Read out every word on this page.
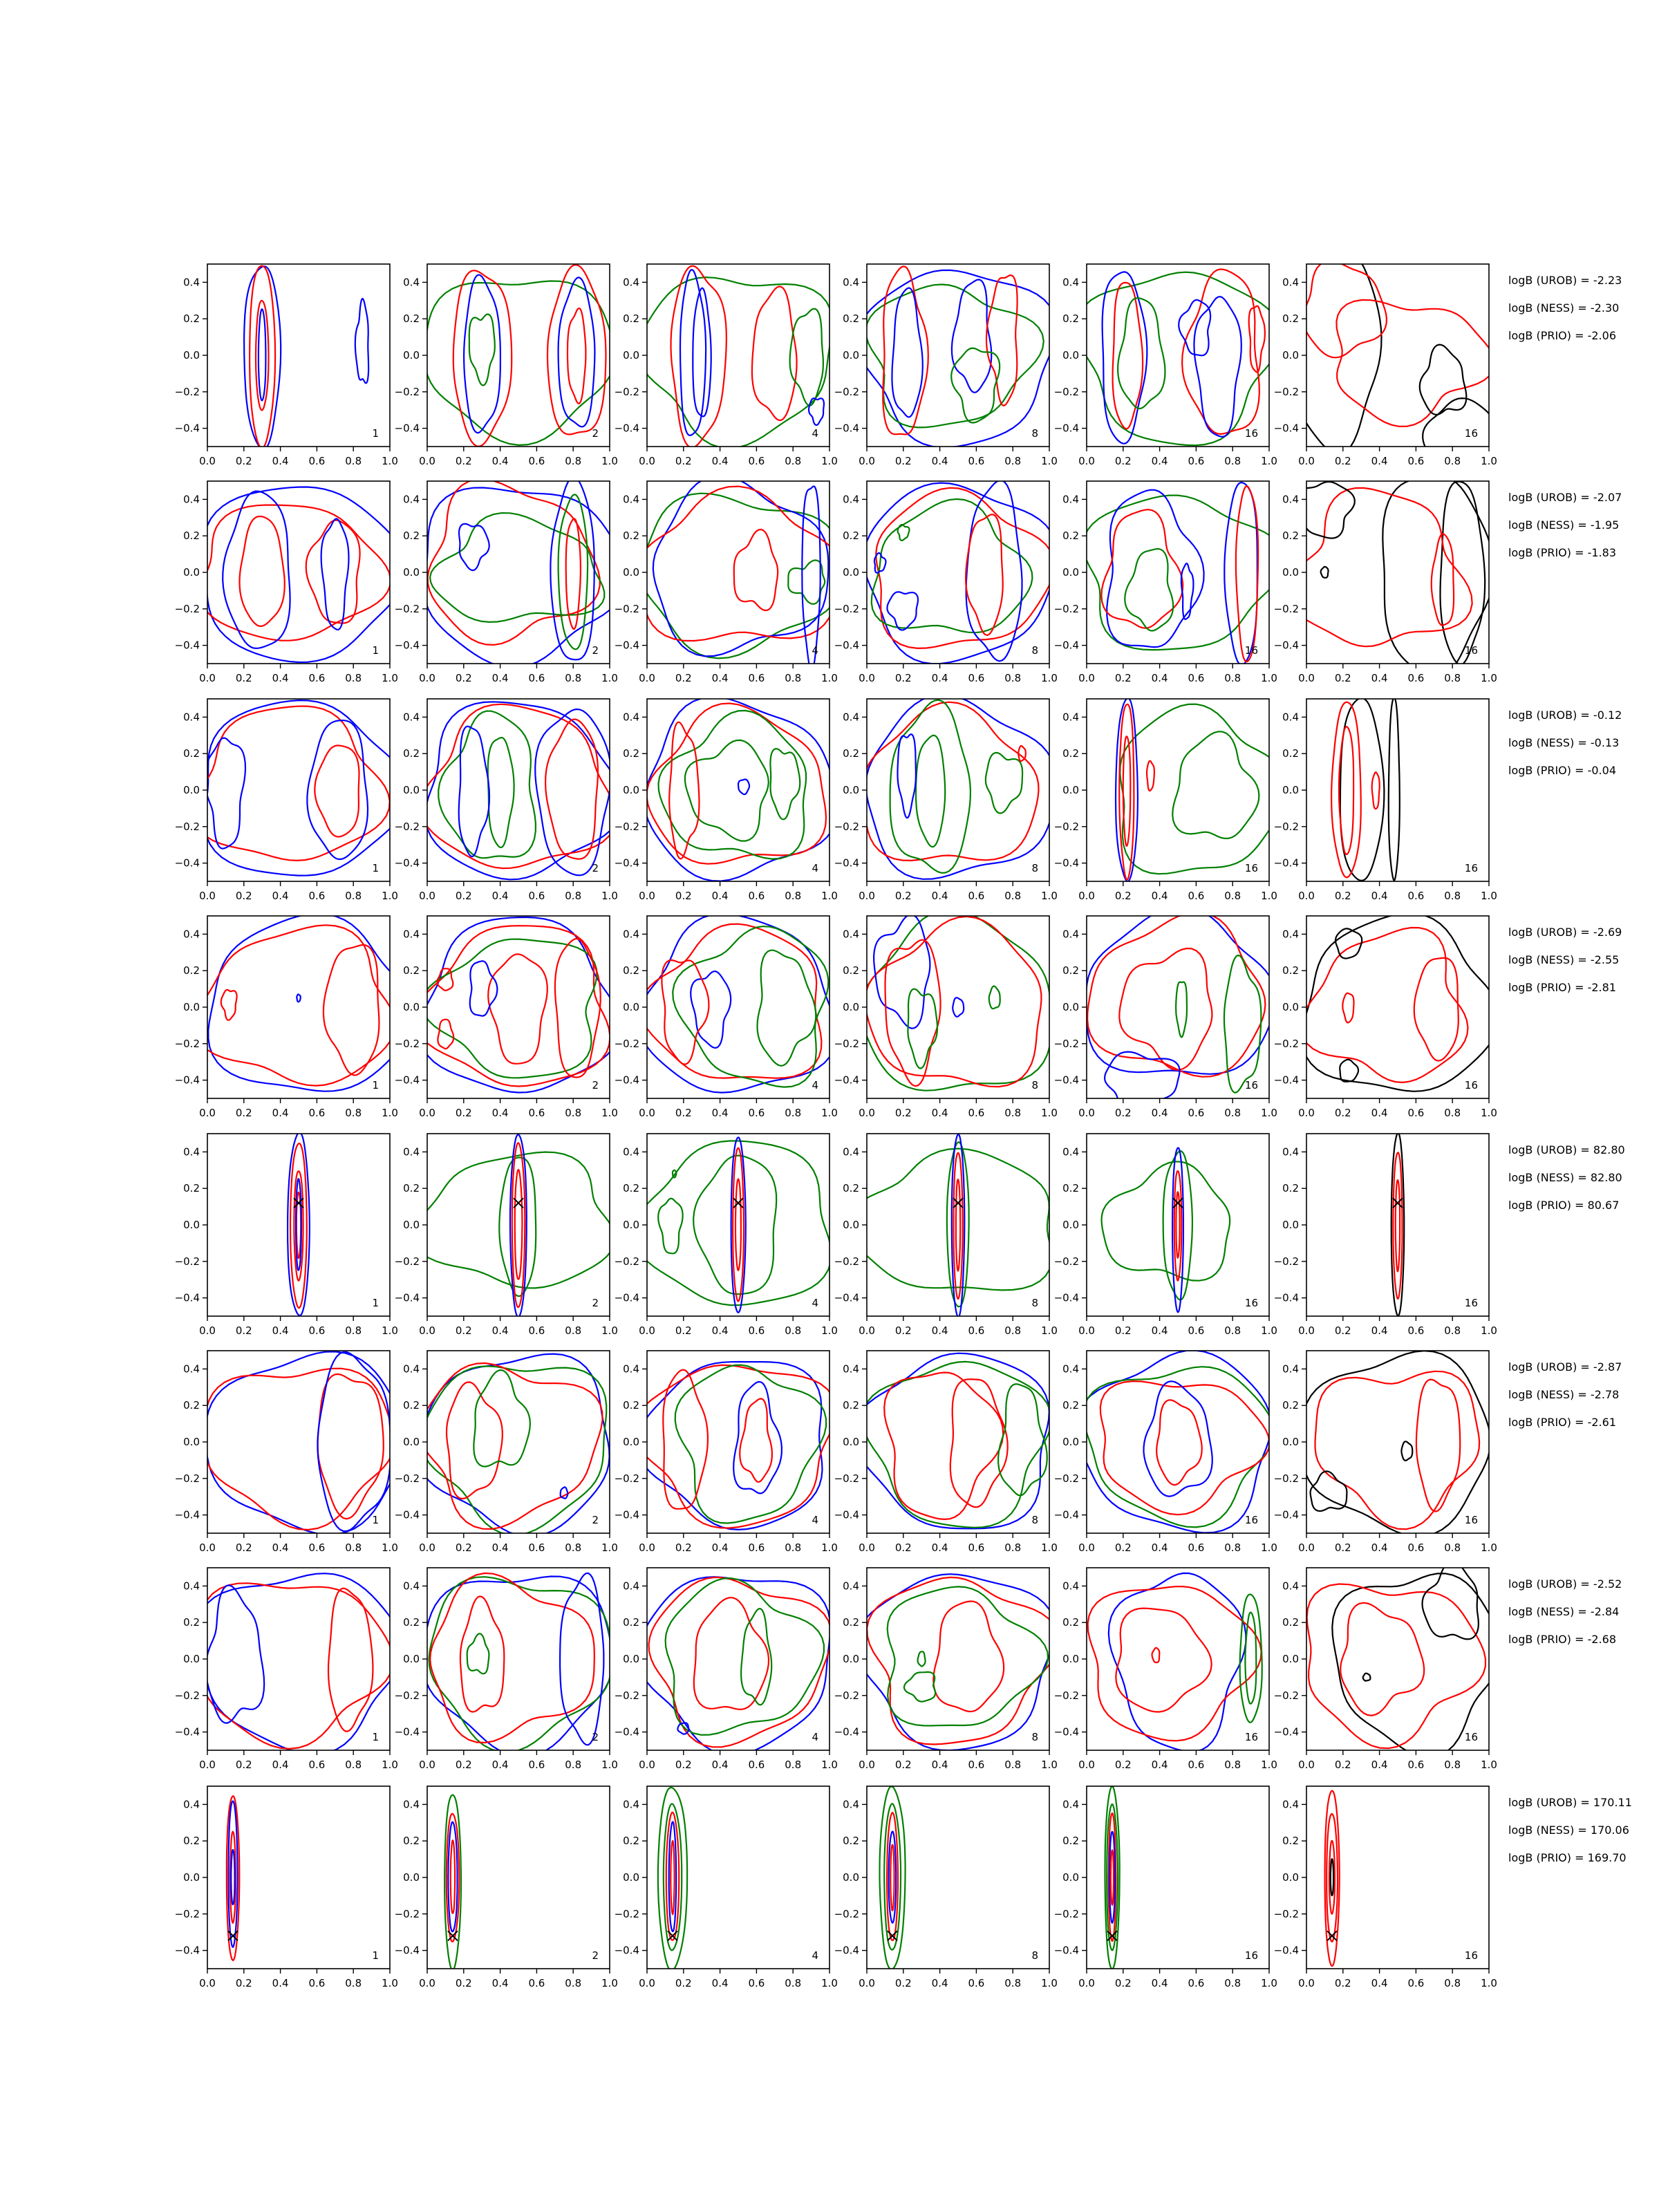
0.0 0.2 0.4 0.6 0.8 1.0
0.4
0.2
0.0
−0.2
−0.4	1
0.0 0.2 0.4 0.6 0.8 1.0
0.4
0.2
0.0
−0.2
−0.4	2
0.0 0.2 0.4 0.6 0.8 1.0
0.4
0.2
0.0
−0.2
−0.4	4
0.0 0.2 0.4 0.6 0.8 1.0
0.4
0.2
0.0
−0.2
−0.4	8
0.0 0.2 0.4 0.6 0.8 1.0
0.4
0.2
0.0
−0.2
−0.4	16
0.0 0.2 0.4 0.6 0.8 1.0
0.4
0.2
0.0
−0.2
−0.4	16
logB (UROB) = -2.23
logB (NESS) = -2.30
logB (PRIO) = -2.06
0.0 0.2 0.4 0.6 0.8 1.0
0.4
0.2
0.0
−0.2
−0.4	1
0.0 0.2 0.4 0.6 0.8 1.0
0.4
0.2
0.0
−0.2
−0.4	2
0.0 0.2 0.4 0.6 0.8 1.0
0.4
0.2
0.0
−0.2
−0.4	4
0.0 0.2 0.4 0.6 0.8 1.0
0.4
0.2
0.0
−0.2
−0.4	8
0.0 0.2 0.4 0.6 0.8 1.0
0.4
0.2
0.0
−0.2
−0.4	16
0.0 0.2 0.4 0.6 0.8 1.0
0.4
0.2
0.0
−0.2
−0.4	16
logB (UROB) = -2.07
logB (NESS) = -1.95
logB (PRIO) = -1.83
0.0 0.2 0.4 0.6 0.8 1.0
0.4
0.2
0.0
−0.2
−0.4	1
0.0 0.2 0.4 0.6 0.8 1.0
0.4
0.2
0.0
−0.2
−0.4	2
0.0 0.2 0.4 0.6 0.8 1.0
0.4
0.2
0.0
−0.2
−0.4	4
0.0 0.2 0.4 0.6 0.8 1.0
0.4
0.2
0.0
−0.2
−0.4	8
0.0 0.2 0.4 0.6 0.8 1.0
0.4
0.2
0.0
−0.2
−0.4	16
0.0 0.2 0.4 0.6 0.8 1.0
0.4
0.2
0.0
−0.2
−0.4	16
logB (UROB) = -0.12
logB (NESS) = -0.13
logB (PRIO) = -0.04
0.0 0.2 0.4 0.6 0.8 1.0
0.4
0.2
0.0
−0.2
−0.4	1
0.0 0.2 0.4 0.6 0.8 1.0
0.4
0.2
0.0
−0.2
−0.4	2
0.0 0.2 0.4 0.6 0.8 1.0
0.4
0.2
0.0
−0.2
−0.4	4
0.0 0.2 0.4 0.6 0.8 1.0
0.4
0.2
0.0
−0.2
−0.4	8
0.0 0.2 0.4 0.6 0.8 1.0
0.4
0.2
0.0
−0.2
−0.4	16
0.0 0.2 0.4 0.6 0.8 1.0
0.4
0.2
0.0
−0.2
−0.4	16
logB (UROB) = -2.69
logB (NESS) = -2.55
logB (PRIO) = -2.81
0.0 0.2 0.4 0.6 0.8 1.0
0.4
0.2
0.0
−0.2
−0.4	1
0.0 0.2 0.4 0.6 0.8 1.0
0.4
0.2
0.0
−0.2
−0.4	2
0.0 0.2 0.4 0.6 0.8 1.0
0.4
0.2
0.0
−0.2
−0.4	4
0.0 0.2 0.4 0.6 0.8 1.0
0.4
0.2
0.0
−0.2
−0.4	8
0.0 0.2 0.4 0.6 0.8 1.0
0.4
0.2
0.0
−0.2
−0.4	16
0.0 0.2 0.4 0.6 0.8 1.0
0.4
0.2
0.0
−0.2
−0.4	16
logB (UROB) = 82.80
logB (NESS) = 82.80
logB (PRIO) = 80.67
0.0 0.2 0.4 0.6 0.8 1.0
0.4
0.2
0.0
−0.2
−0.4	1
0.0 0.2 0.4 0.6 0.8 1.0
0.4
0.2
0.0
−0.2
−0.4	2
0.0 0.2 0.4 0.6 0.8 1.0
0.4
0.2
0.0
−0.2
−0.4	4
0.0 0.2 0.4 0.6 0.8 1.0
0.4
0.2
0.0
−0.2
−0.4	8
0.0 0.2 0.4 0.6 0.8 1.0
0.4
0.2
0.0
−0.2
−0.4	16
0.0 0.2 0.4 0.6 0.8 1.0
0.4
0.2
0.0
−0.2
−0.4	16
logB (UROB) = -2.87
logB (NESS) = -2.78
logB (PRIO) = -2.61
0.0 0.2 0.4 0.6 0.8 1.0
0.4
0.2
0.0
−0.2
−0.4	1
0.0 0.2 0.4 0.6 0.8 1.0
0.4
0.2
0.0
−0.2
−0.4	2
0.0 0.2 0.4 0.6 0.8 1.0
0.4
0.2
0.0
−0.2
−0.4	4
0.0 0.2 0.4 0.6 0.8 1.0
0.4
0.2
0.0
−0.2
−0.4	8
0.0 0.2 0.4 0.6 0.8 1.0
0.4
0.2
0.0
−0.2
−0.4	16
0.0 0.2 0.4 0.6 0.8 1.0
0.4
0.2
0.0
−0.2
−0.4	16
logB (UROB) = -2.52
logB (NESS) = -2.84
logB (PRIO) = -2.68
0.0 0.2 0.4 0.6 0.8 1.0
0.4
0.2
0.0
−0.2
−0.4	1
0.0 0.2 0.4 0.6 0.8 1.0
0.4
0.2
0.0
−0.2
−0.4	2
0.0 0.2 0.4 0.6 0.8 1.0
0.4
0.2
0.0
−0.2
−0.4	4
0.0 0.2 0.4 0.6 0.8 1.0
0.4
0.2
0.0
−0.2
−0.4	8
0.0 0.2 0.4 0.6 0.8 1.0
0.4
0.2
0.0
−0.2
−0.4	16
0.0 0.2 0.4 0.6 0.8 1.0
0.4
0.2
0.0
−0.2
−0.4	16
logB (UROB) = 170.11
logB (NESS) = 170.06
logB (PRIO) = 169.70
